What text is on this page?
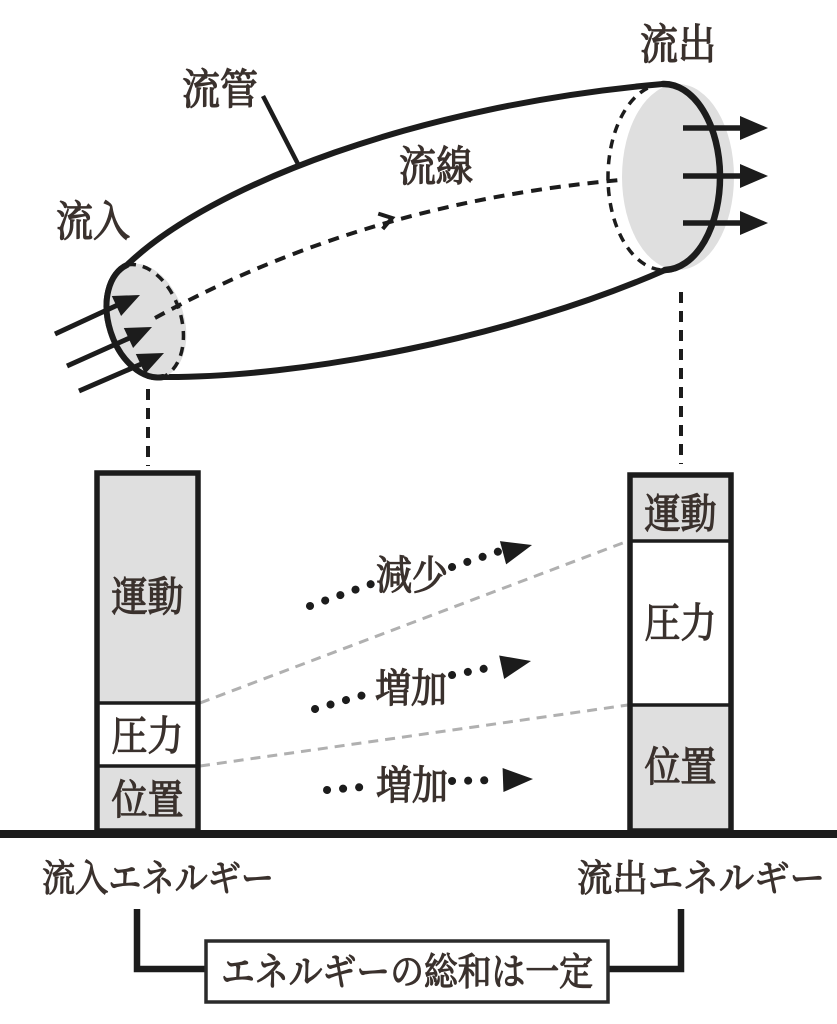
流管
流入
流出
流線
運動
圧力
位置
運動
圧力
位置
減少
増加
増加
流入エネルギー	流出エネルギー
エネルギーの総和は一定
